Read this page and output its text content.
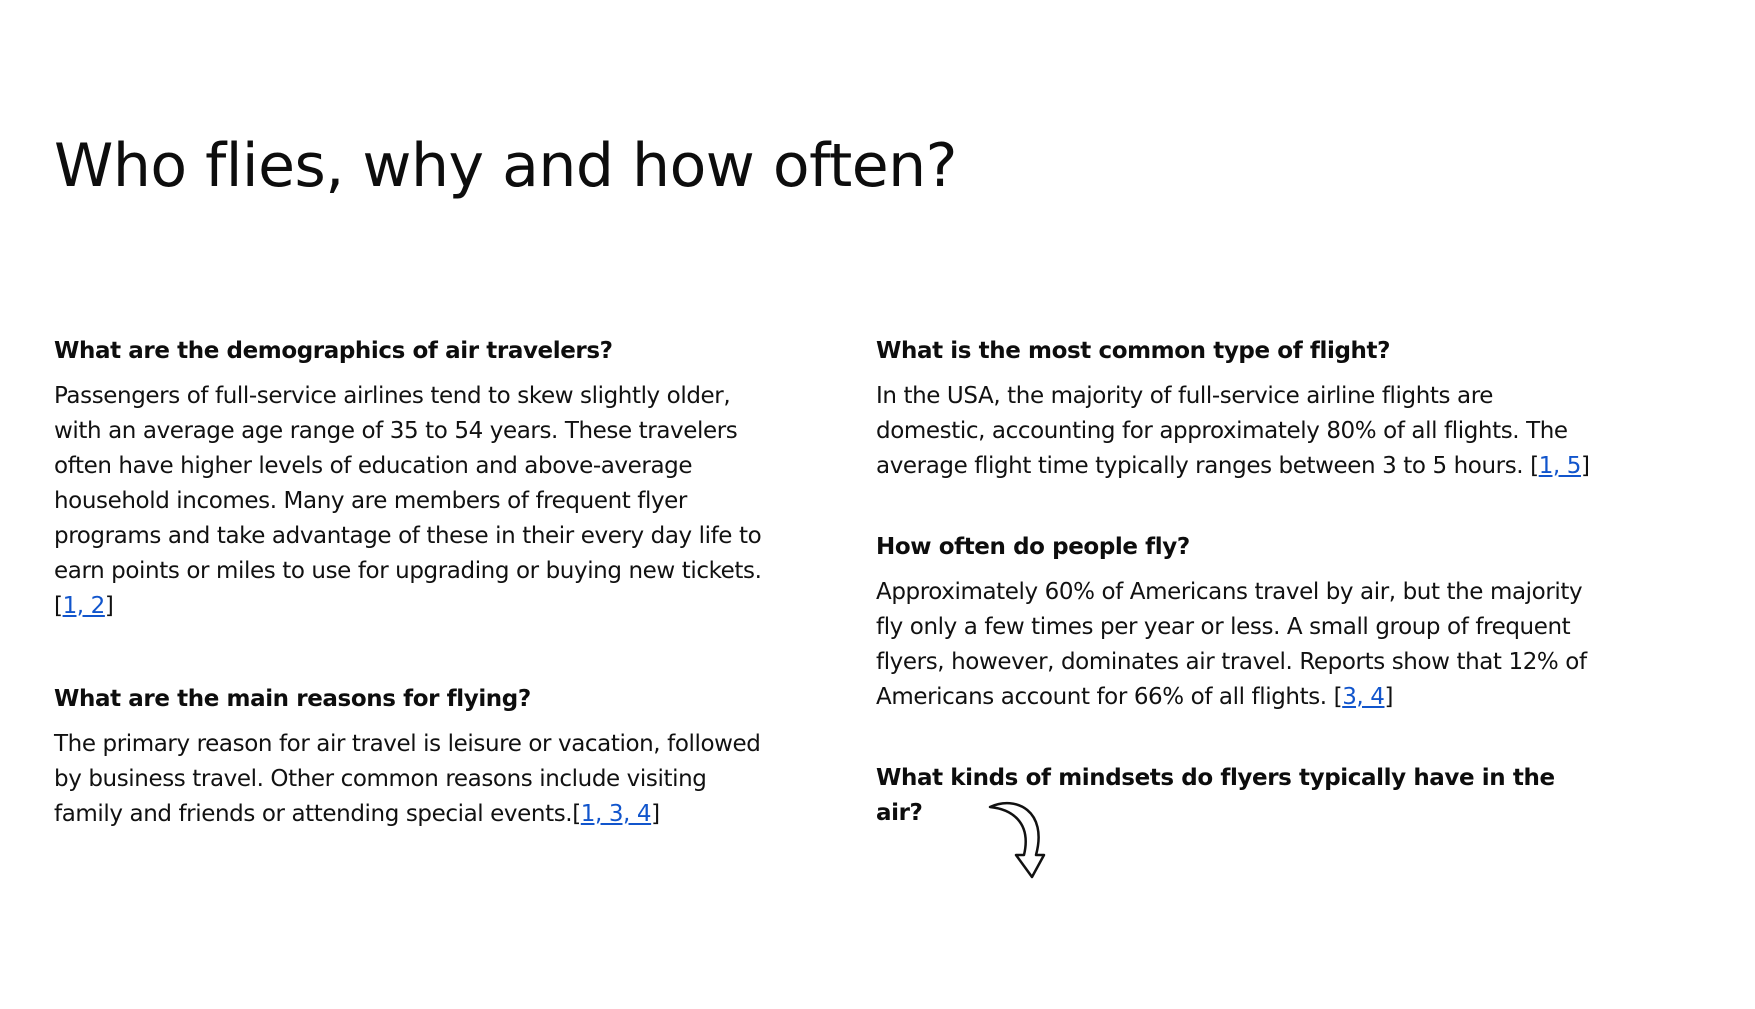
Who flies, why and how often?

What are the demographics of air travelers?

Passengers of full-service airlines tend to skew slightly older, with an average age range of 35 to 54 years. These travelers often have higher levels of education and above-average household incomes. Many are members of frequent flyer programs and take advantage of these in their every day life to earn points or miles to use for upgrading or buying new tickets. [1, 2]

What are the main reasons for flying?

The primary reason for air travel is leisure or vacation, followed by business travel. Other common reasons include visiting family and friends or attending special events.[1, 3, 4]

What is the most common type of flight?

In the USA, the majority of full-service airline flights are domestic, accounting for approximately 80% of all flights. The average flight time typically ranges between 3 to 5 hours. [1, 5]

How often do people fly?

Approximately 60% of Americans travel by air, but the majority fly only a few times per year or less. A small group of frequent flyers, however, dominates air travel. Reports show that 12% of Americans account for 66% of all flights. [3, 4]

What kinds of mindsets do flyers typically have in the air?
